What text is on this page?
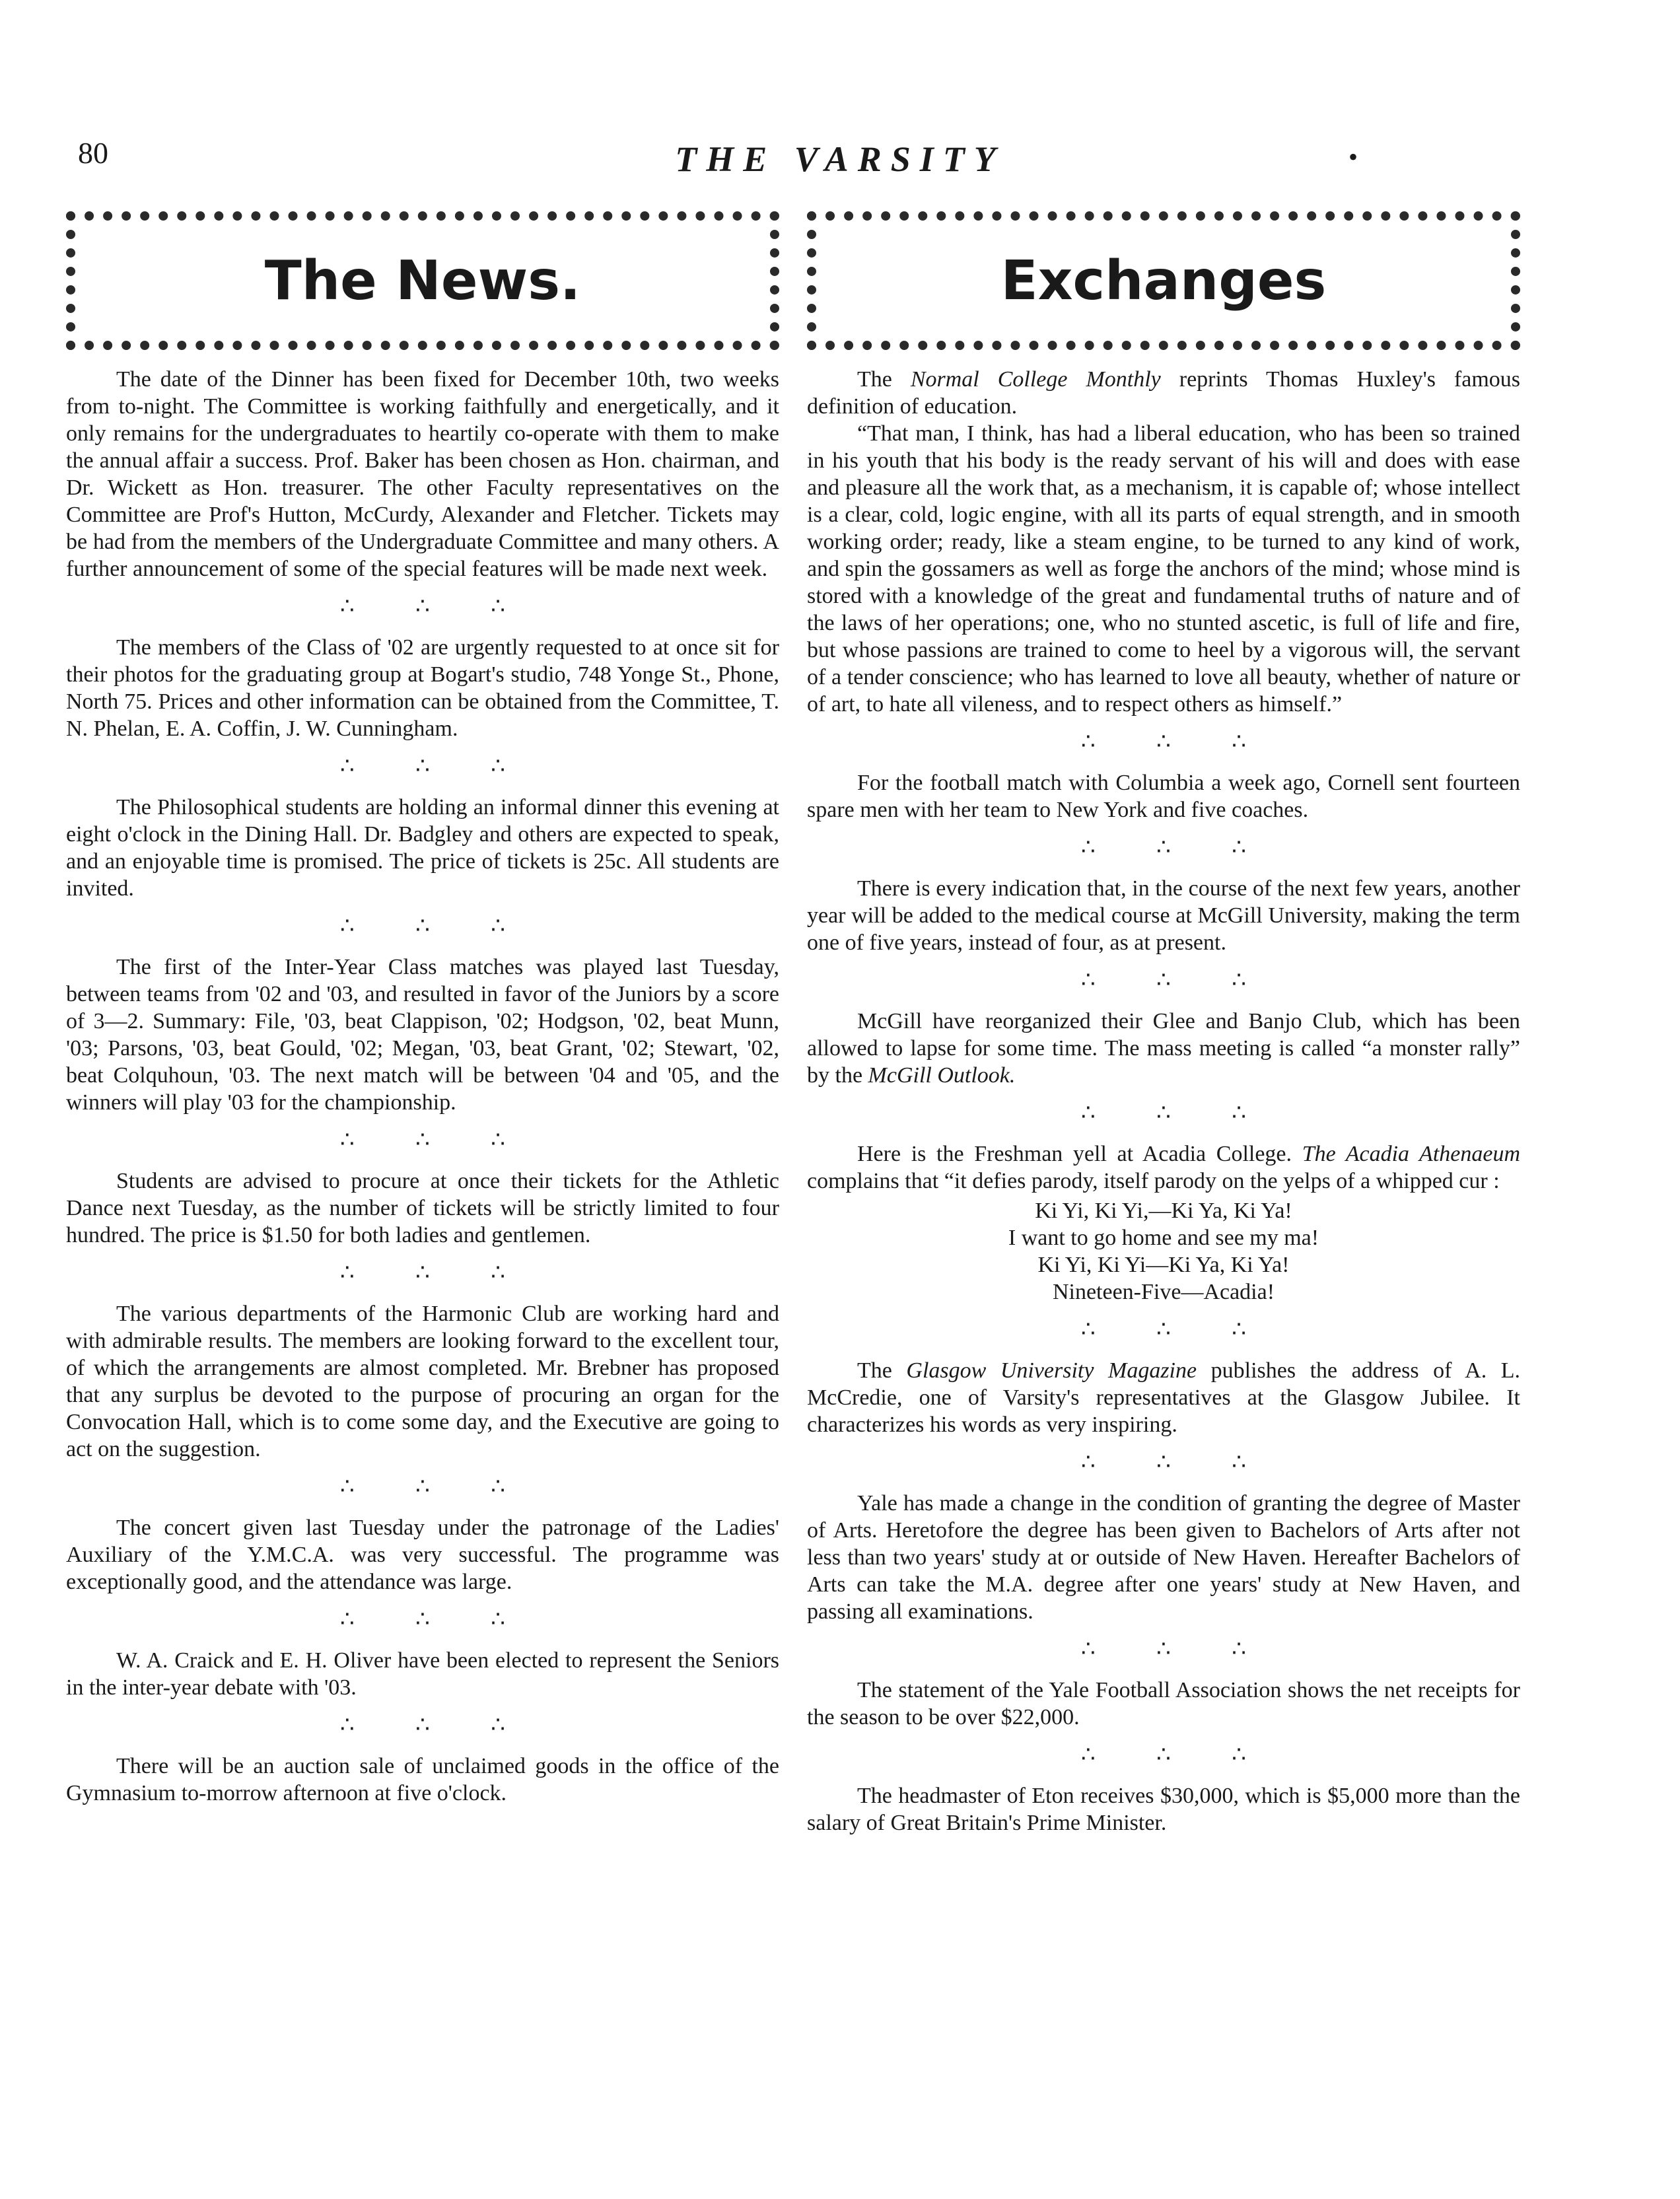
80	THE VARSITY	•
The News.

The date of the Dinner has been fixed for December 10th, two weeks from to-night. The Committee is working faithfully and energetically, and it only remains for the undergraduates to heartily co-operate with them to make the annual affair a success. Prof. Baker has been chosen as Hon. chairman, and Dr. Wickett as Hon. treasurer. The other Faculty representatives on the Committee are Prof's Hutton, McCurdy, Alexander and Fletcher. Tickets may be had from the members of the Undergraduate Committee and many others. A further announcement of some of the special features will be made next week.

∴ ∴ ∴

The members of the Class of '02 are urgently requested to at once sit for their photos for the graduating group at Bogart's studio, 748 Yonge St., Phone, North 75. Prices and other information can be obtained from the Committee, T. N. Phelan, E. A. Coffin, J. W. Cunningham.

∴ ∴ ∴

The Philosophical students are holding an informal dinner this evening at eight o'clock in the Dining Hall. Dr. Badgley and others are expected to speak, and an enjoyable time is promised. The price of tickets is 25c. All students are invited.

∴ ∴ ∴

The first of the Inter-Year Class matches was played last Tuesday, between teams from '02 and '03, and resulted in favor of the Juniors by a score of 3—2. Summary: File, '03, beat Clappison, '02; Hodgson, '02, beat Munn, '03; Parsons, '03, beat Gould, '02; Megan, '03, beat Grant, '02; Stewart, '02, beat Colquhoun, '03. The next match will be between '04 and '05, and the winners will play '03 for the championship.

∴ ∴ ∴

Students are advised to procure at once their tickets for the Athletic Dance next Tuesday, as the number of tickets will be strictly limited to four hundred. The price is $1.50 for both ladies and gentlemen.

∴ ∴ ∴

The various departments of the Harmonic Club are working hard and with admirable results. The members are looking forward to the excellent tour, of which the arrangements are almost completed. Mr. Brebner has proposed that any surplus be devoted to the purpose of procuring an organ for the Convocation Hall, which is to come some day, and the Executive are going to act on the suggestion.

∴ ∴ ∴

The concert given last Tuesday under the patronage of the Ladies' Auxiliary of the Y.M.C.A. was very successful. The programme was exceptionally good, and the attendance was large.

∴ ∴ ∴

W. A. Craick and E. H. Oliver have been elected to represent the Seniors in the inter-year debate with '03.

∴ ∴ ∴

There will be an auction sale of unclaimed goods in the office of the Gymnasium to-morrow afternoon at five o'clock.

Exchanges

The Normal College Monthly reprints Thomas Huxley's famous definition of education.

“That man, I think, has had a liberal education, who has been so trained in his youth that his body is the ready servant of his will and does with ease and pleasure all the work that, as a mechanism, it is capable of; whose intellect is a clear, cold, logic engine, with all its parts of equal strength, and in smooth working order; ready, like a steam engine, to be turned to any kind of work, and spin the gossamers as well as forge the anchors of the mind; whose mind is stored with a knowledge of the great and fundamental truths of nature and of the laws of her operations; one, who no stunted ascetic, is full of life and fire, but whose passions are trained to come to heel by a vigorous will, the servant of a tender conscience; who has learned to love all beauty, whether of nature or of art, to hate all vileness, and to respect others as himself.”

∴ ∴ ∴

For the football match with Columbia a week ago, Cornell sent fourteen spare men with her team to New York and five coaches.

∴ ∴ ∴

There is every indication that, in the course of the next few years, another year will be added to the medical course at McGill University, making the term one of five years, instead of four, as at present.

∴ ∴ ∴

McGill have reorganized their Glee and Banjo Club, which has been allowed to lapse for some time. The mass meeting is called “a monster rally” by the McGill Outlook.

∴ ∴ ∴

Here is the Freshman yell at Acadia College. The Acadia Athenaeum complains that “it defies parody, itself parody on the yelps of a whipped cur :

Ki Yi, Ki Yi,—Ki Ya, Ki Ya!
I want to go home and see my ma!
Ki Yi, Ki Yi—Ki Ya, Ki Ya!
Nineteen-Five—Acadia!
∴ ∴ ∴

The Glasgow University Magazine publishes the address of A. L. McCredie, one of Varsity's representatives at the Glasgow Jubilee. It characterizes his words as very inspiring.

∴ ∴ ∴

Yale has made a change in the condition of granting the degree of Master of Arts. Heretofore the degree has been given to Bachelors of Arts after not less than two years' study at or outside of New Haven. Hereafter Bachelors of Arts can take the M.A. degree after one years' study at New Haven, and passing all examinations.

∴ ∴ ∴

The statement of the Yale Football Association shows the net receipts for the season to be over $22,000.

∴ ∴ ∴

The headmaster of Eton receives $30,000, which is $5,000 more than the salary of Great Britain's Prime Minister.
